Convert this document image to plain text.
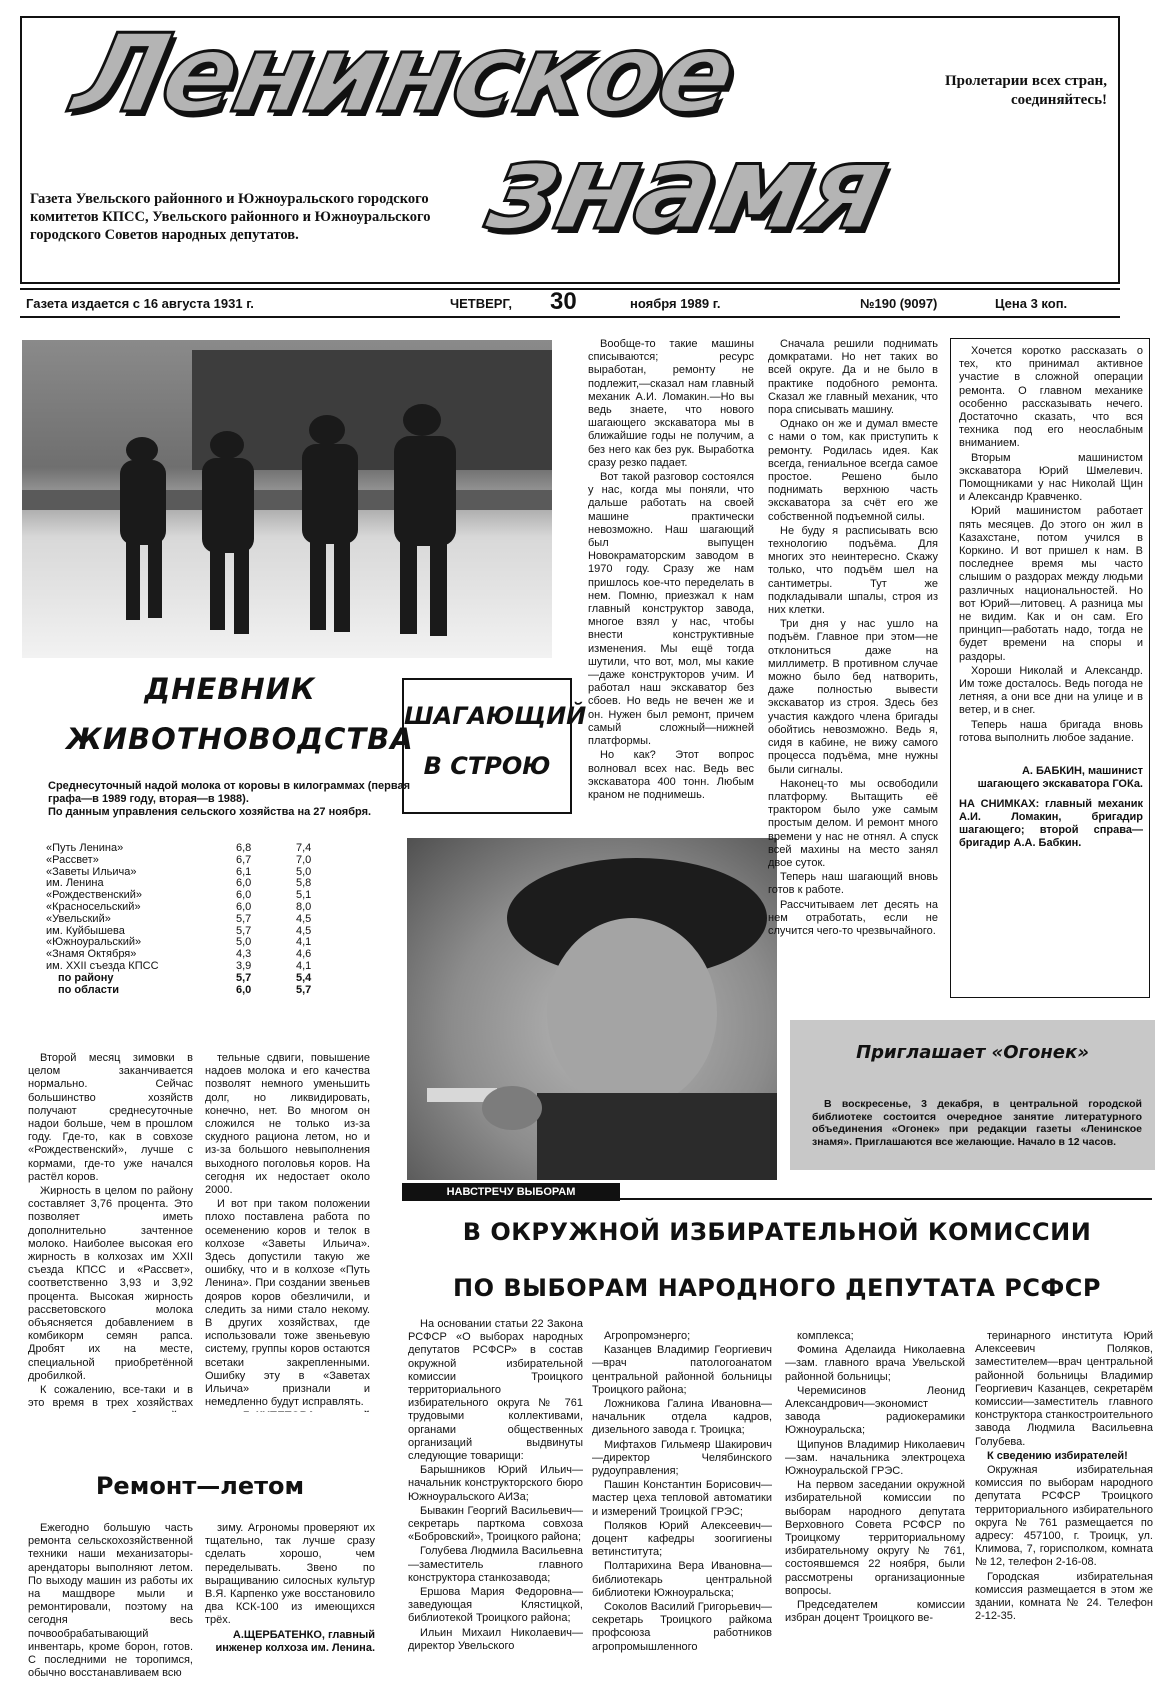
Ленинское
знамя
Пролетарии всех стран, соединяйтесь!
Газета Увельского районного и Южноуральского городского комитетов КПСС, Увельского районного и Южноуральского городского Советов народных депутатов.
Газета издается с 16 августа 1931 г.	ЧЕТВЕРГ, 30	ноября 1989 г.	№190 (9097)	Цена 3 коп.
ДНЕВНИК
ЖИВОТНОВОДСТВА
Среднесуточный надой молока от коровы в килограммах (первая графа—в 1989 году, вторая—в 1988).
По данным управления сельского хозяйства на 27 ноября.
«Путь Ленина»	6,8	7,4
«Рассвет»	6,7	7,0
«Заветы Ильича»	6,1	5,0
им. Ленина	6,0	5,8
«Рождественский»	6,0	5,1
«Красносельский»	6,0	8,0
«Увельский»	5,7	4,5
им. Куйбышева	5,7	4,5
«Южноуральский»	5,0	4,1
«Знамя Октября»	4,3	4,6
им. XXII съезда КПСС	3,9	4,1
по району	5,7	5,4
по области	6,0	5,7

Второй месяц зимовки в целом заканчивается нормально. Сейчас большинство хозяйств получают среднесуточные надои больше, чем в прошлом году. Где-то, как в совхозе «Рождественский», лучше с кормами, где-то уже начался растёл коров.

Жирность в целом по району составляет 3,76 процента. Это позволяет иметь дополнительно зачтенное молоко. Наиболее высокая его жирность в колхозах им XXII съезда КПСС и «Рассвет», соответственно 3,93 и 3,92 процента. Высокая жирность рассветовского молока объясняется добавлением в комбикорм семян рапса. Дробят их на месте, специальной приобретённой дробилкой.

К сожалению, все-таки и в это время в трех хозяйствах

тельные сдвиги, повышение надоев молока и его качества позволят немного уменьшить долг, но ликвидировать, конечно, нет. Во многом он сложился не только из-за скудного рациона летом, но и из-за большого невыполнения выходного поголовья коров. На сегодня их недостает около 2000.

И вот при таком положении плохо поставлена работа по осеменению коров и телок в колхозе «Заветы Ильича». Здесь допустили такую же ошибку, что и в колхозе «Путь Ленина». При создании звеньев дояров коров обезличили, и следить за ними стало некому. В других хозяйствах, где использовали тоже звеньевую систему, группы коров остаются всетаки закрепленными. Ошибку эту в «Заветах Ильича» признали и немедленно будут исправлять.

Ремонт—летом

Ежегодно большую часть ремонта сельскохозяйственной техники наши механизаторы-арендаторы выполняют летом. По выходу машин из работы их на машдворе мыли и ремонтировали, поэтому на сегодня весь почвообрабатывающий инвентарь, кроме борон, готов. С последними не торопимся, обычно восстанавливаем всю

зиму. Агрономы проверяют их тщательно, так лучше сразу сделать хорошо, чем переделывать. Звено по выращиванию силосных культур В.Я. Карпенко уже восстановило два КСК-100 из имеющихся трёх.

А.ЩЕРБАТЕНКО, главный инженер колхоза им. Ленина.

ШАГАЮЩИЙ
В СТРОЮ

Вообще-то такие машины списываются; ресурс выработан, ремонту не подлежит,—сказал нам главный механик А.И. Ломакин.—Но вы ведь знаете, что нового шагающего экскаватора мы в ближайшие годы не получим, а без него как без рук. Выработка сразу резко падает.

Вот такой разговор состоялся у нас, когда мы поняли, что дальше работать на своей машине практически невозможно. Наш шагающий был выпущен Новокраматорским заводом в 1970 году. Сразу же нам пришлось кое-что переделать в нем. Помню, приезжал к нам главный конструктор завода, многое взял у нас, чтобы внести конструктивные изменения. Мы ещё тогда шутили, что вот, мол, мы какие—даже конструкторов учим. И работал наш экскаватор без сбоев. Но ведь не вечен же и он. Нужен был ремонт, причем самый сложный—нижней платформы.

Но как? Этот вопрос волновал всех нас. Ведь вес экскаватора 400 тонн. Любым краном не поднимешь.

Сначала решили поднимать домкратами. Но нет таких во всей округе. Да и не было в практике подобного ремонта. Сказал же главный механик, что пора списывать машину.

Однако он же и думал вместе с нами о том, как приступить к ремонту. Родилась идея. Как всегда, гениальное всегда самое простое. Решено было поднимать верхнюю часть экскаватора за счёт его же собственной подъемной силы.

Не буду я расписывать всю технологию подъёма. Для многих это неинтересно. Скажу только, что подъём шел на сантиметры. Тут же подкладывали шпалы, строя из них клетки.

Три дня у нас ушло на подъём. Главное при этом—не отклониться даже на миллиметр. В противном случае можно было бед натворить, даже полностью вывести экскаватор из строя. Здесь без участия каждого члена бригады обойтись невозможно. Ведь я, сидя в кабине, не вижу самого процесса подъёма, мне нужны были сигналы.

Наконец-то мы освободили платформу. Вытащить её трактором было уже самым простым делом. И ремонт много времени у нас не отнял. А спуск всей махины на место занял двое суток.

Теперь наш шагающий вновь готов к работе.

Рассчитываем лет десять на нем отработать, если не случится чего-то чрезвычайного.

Хочется коротко рассказать о тех, кто принимал активное участие в сложной операции ремонта. О главном механике особенно рассказывать нечего. Достаточно сказать, что вся техника под его неослабным вниманием.

Вторым машинистом экскаватора Юрий Шмелевич. Помощниками у нас Николай Щин и Александр Кравченко.

Юрий машинистом работает пять месяцев. До этого он жил в Казахстане, потом учился в Коркино. И вот пришел к нам. В последнее время мы часто слышим о раздорах между людьми различных национальностей. Но вот Юрий—литовец. А разница мы не видим. Как и он сам. Его принцип—работать надо, тогда не будет времени на споры и раздоры.

Хороши Николай и Александр. Им тоже досталось. Ведь погода не летняя, а они все дни на улице и в ветер, и в снег.

Теперь наша бригада вновь готова выполнить любое задание.

А. БАБКИН, машинист шагающего экскаватора ГОКа.

НА СНИМКАХ: главный механик А.И. Ломакин, бригадир шагающего; второй справа—бригадир А.А. Бабкин.

Приглашает «Огонек»

В воскресенье, 3 декабря, в центральной городской библиотеке состоится очередное занятие литературного объединения «Огонек» при редакции газеты «Ленинское знамя». Приглашаются все желающие. Начало в 12 часов.

НАВСТРЕЧУ ВЫБОРАМ
В ОКРУЖНОЙ ИЗБИРАТЕЛЬНОЙ КОМИССИИ
ПО ВЫБОРАМ НАРОДНОГО ДЕПУТАТА РСФСР

На основании статьи 22 Закона РСФСР «О выборах народных депутатов РСФСР» в состав окружной избирательной комиссии Троицкого территориального избирательного округа № 761 трудовыми коллективами, органами общественных организаций выдвинуты следующие товарищи:

Барышников Юрий Ильич—начальник конструкторского бюро Южноуральского АИЗа;

Бывакин Георгий Васильевич—секретарь парткома совхоза «Бобровский», Троицкого района;

Голубева Людмила Васильевна—заместитель главного конструктора станкозавода;

Ершова Мария Федоровна—заведующая Клястицкой, библиотекой Троицкого района;

Ильин Михаил Николаевич—директор Увельского

Агропромэнерго;

Казанцев Владимир Георгиевич—врач патологоанатом центральной районной больницы Троицкого района;

Ложникова Галина Ивановна—начальник отдела кадров, дизельного завода г. Троицка;

Мифтахов Гильмеяр Шакирович—директор Челябинского рудоуправления;

Пашин Константин Борисович—мастер цеха тепловой автоматики и измерений Троицкой ГРЭС;

Поляков Юрий Алексеевич—доцент кафедры зоогигиены ветинститута;

Полтарихина Вера Ивановна—библиотекарь центральной библиотеки Южноуральска;

Соколов Василий Григорьевич—секретарь Троицкого райкома профсоюза работников агропромышленного

комплекса;

Фомина Аделаида Николаевна—зам. главного врача Увельской районной больницы;

Черемисинов Леонид Александрович—экономист завода радиокерамики Южноуральска;

Щипунов Владимир Николаевич—зам. начальника электроцеха Южноуральской ГРЭС.

На первом заседании окружной избирательной комиссии по выборам народного депутата Верховного Совета РСФСР по Троицкому территориальному избирательному округу № 761, состоявшемся 22 ноября, были рассмотрены организационные вопросы.

Председателем комиссии избран доцент Троицкого ве-

теринарного института Юрий Алексеевич Поляков, заместителем—врач центральной районной больницы Владимир Георгиевич Казанцев, секретарём комиссии—заместитель главного конструктора станкостроительного завода Людмила Васильевна Голубева.

К сведению избирателей!

Окружная избирательная комиссия по выборам народного депутата РСФСР Троицкого территориального избирательного округа № 761 размещается по адресу: 457100, г. Троицк, ул. Климова, 7, горисполком, комната № 12, телефон 2-16-08.

Городская избирательная комиссия размещается в этом же здании, комната № 24. Телефон 2-12-35.
